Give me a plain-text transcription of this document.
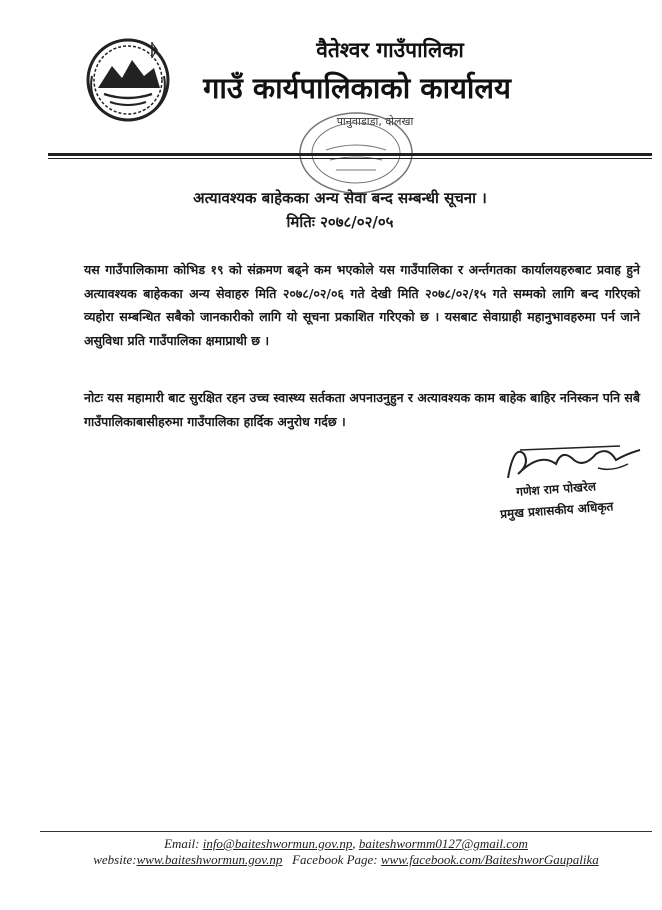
वैतेश्वर गाउँपालिका
गाउँ कार्यपालिकाको कार्यालय
पानुवाडाडा, दोलखा
अत्यावश्यक बाहेकका अन्य सेवा बन्द सम्बन्धी सूचना ।
मितिः २०७८/०२/०५
यस गाउँपालिकामा कोभिड १९ को संक्रमण बढ्ने कम भएकोले यस गाउँपालिका र अर्न्तगतका कार्यालयहरुबाट प्रवाह हुने अत्यावश्यक बाहेकका अन्य सेवाहरु मिति २०७८/०२/०६ गते देखी मिति २०७८/०२/१५ गते सम्मको लागि बन्द गरिएको व्यहोरा सम्बन्धित सबैको जानकारीको लागि यो सूचना प्रकाशित गरिएको छ । यसबाट सेवाग्राही महानुभावहरुमा पर्न जाने असुविधा प्रति गाउँपालिका क्षमाप्राथी छ ।
नोटः यस महामारी बाट सुरक्षित रहन उच्च स्वास्थ्य सर्तकता अपनाउनुहुन र अत्यावश्यक काम बाहेक बाहिर ननिस्कन पनि सबै गाउँपालिकाबासीहरुमा गाउँपालिका हार्दिक अनुरोध गर्दछ ।
गणेश राम पोखरेल
प्रमुख प्रशासकीय अधिकृत
Email: info@baiteshwormun.gov.np, baiteshwormm0127@gmail.com
website:www.baiteshwormun.gov.np Facebook Page: www.facebook.com/BaiteshworGaupalika
